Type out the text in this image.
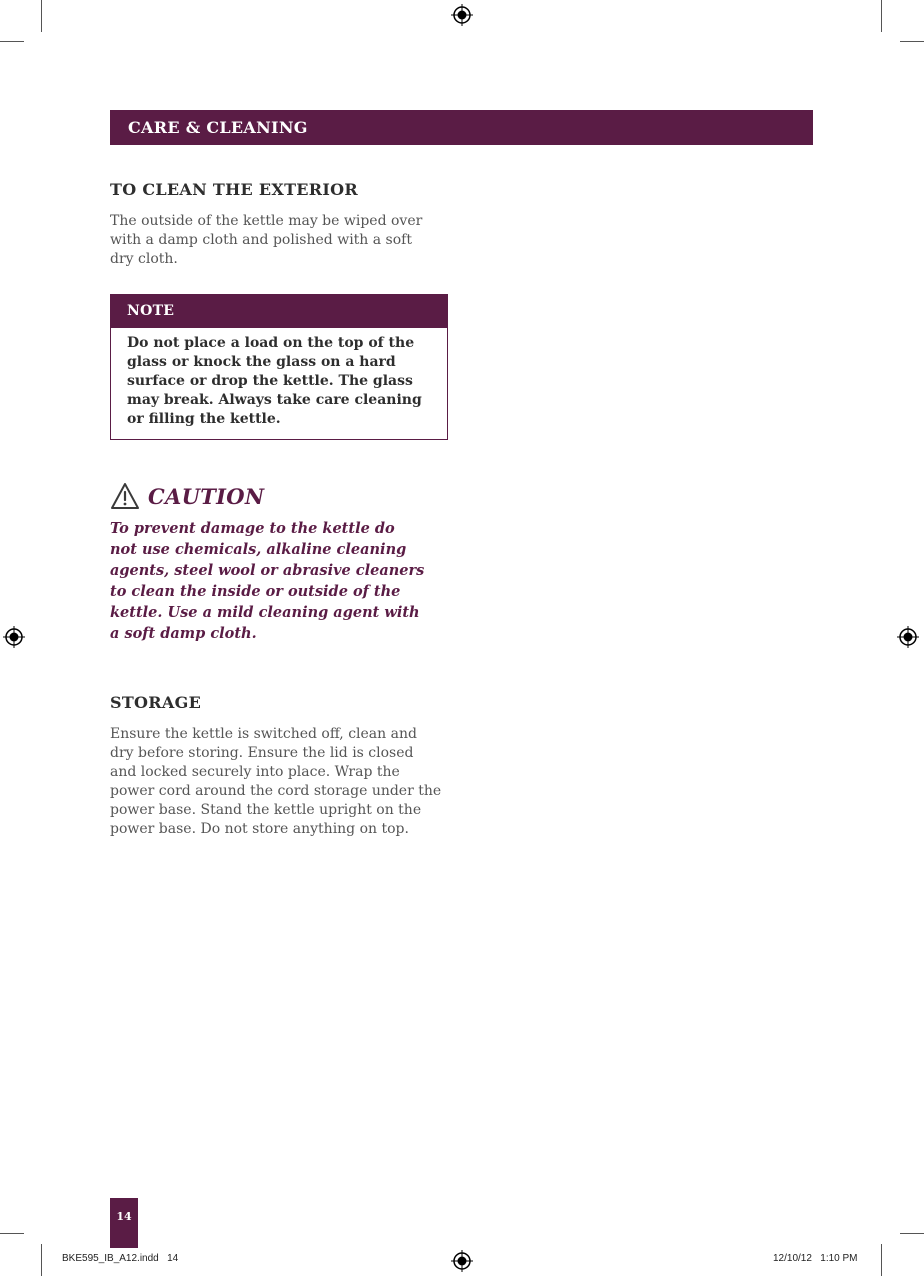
CARE & CLEANING
TO CLEAN THE EXTERIOR
The outside of the kettle may be wiped over
with a damp cloth and polished with a soft
dry cloth.
NOTE
Do not place a load on the top of the
glass or knock the glass on a hard
surface or drop the kettle. The glass
may break. Always take care cleaning
or filling the kettle.
CAUTION
To prevent damage to the kettle do
not use chemicals, alkaline cleaning
agents, steel wool or abrasive cleaners
to clean the inside or outside of the
kettle. Use a mild cleaning agent with
a soft damp cloth.
STORAGE
Ensure the kettle is switched off, clean and
dry before storing. Ensure the lid is closed
and locked securely into place. Wrap the
power cord around the cord storage under the
power base. Stand the kettle upright on the
power base. Do not store anything on top.
14
BKE595_IB_A12.indd   14	12/10/12   1:10 PM
